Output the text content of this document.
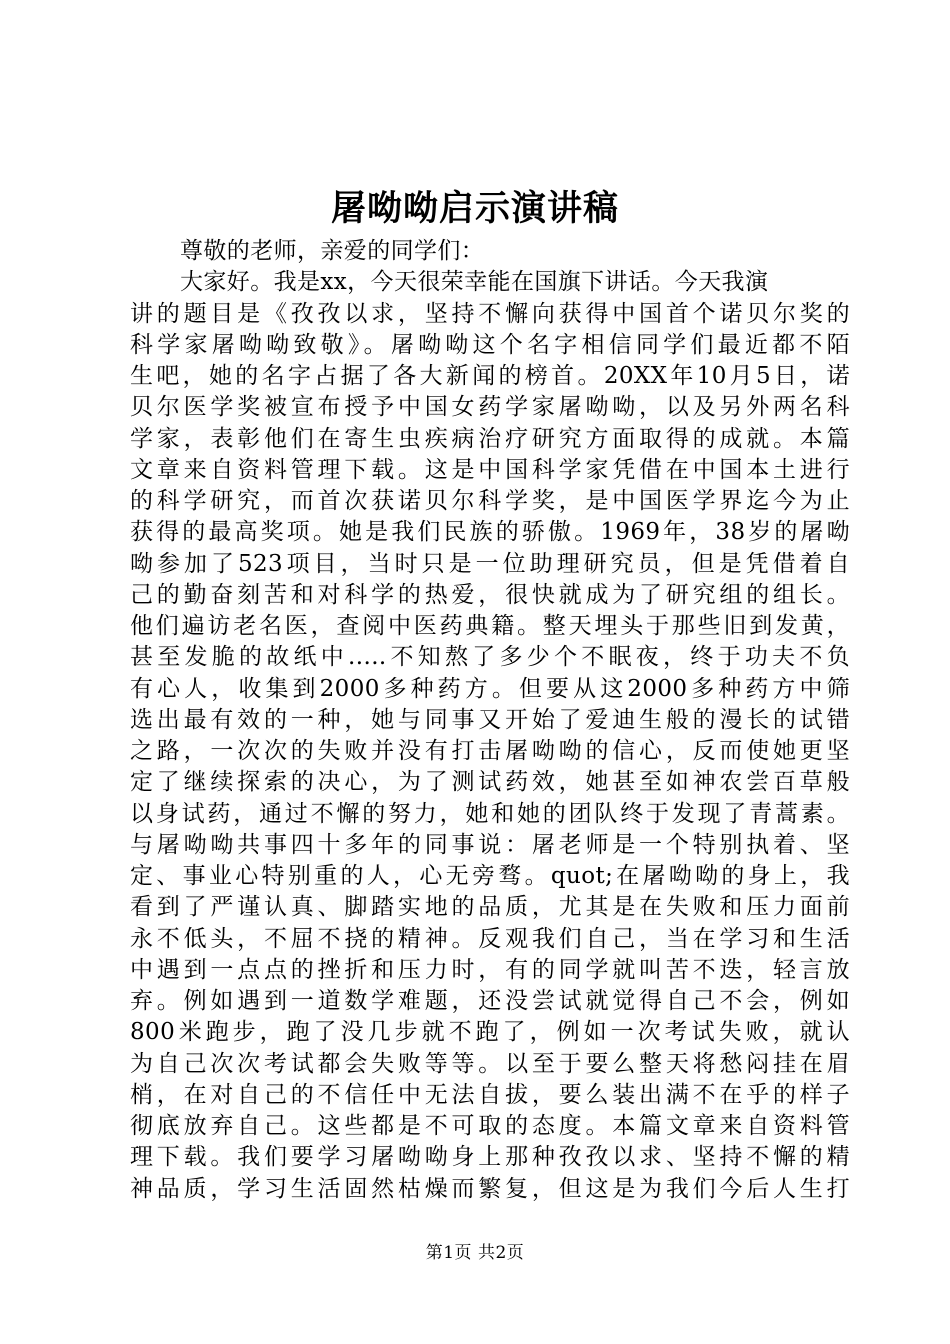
屠呦呦启示演讲稿
尊敬的老师，亲爱的同学们：
大家好。我是xx，今天很荣幸能在国旗下讲话。今天我演
讲的题目是《孜孜以求，坚持不懈向获得中国首个诺贝尔奖的
科学家屠呦呦致敬》。屠呦呦这个名字相信同学们最近都不陌
生吧，她的名字占据了各大新闻的榜首。20XX年10月5日，诺
贝尔医学奖被宣布授予中国女药学家屠呦呦，以及另外两名科
学家，表彰他们在寄生虫疾病治疗研究方面取得的成就。本篇
文章来自资料管理下载。这是中国科学家凭借在中国本土进行
的科学研究，而首次获诺贝尔科学奖，是中国医学界迄今为止
获得的最高奖项。她是我们民族的骄傲。1969年，38岁的屠呦
呦参加了523项目，当时只是一位助理研究员，但是凭借着自
己的勤奋刻苦和对科学的热爱，很快就成为了研究组的组长。
他们遍访老名医，查阅中医药典籍。整天埋头于那些旧到发黄，
甚至发脆的故纸中.....不知熬了多少个不眠夜，终于功夫不负
有心人，收集到2000多种药方。但要从这2000多种药方中筛
选出最有效的一种，她与同事又开始了爱迪生般的漫长的试错
之路，一次次的失败并没有打击屠呦呦的信心，反而使她更坚
定了继续探索的决心，为了测试药效，她甚至如神农尝百草般
以身试药，通过不懈的努力，她和她的团队终于发现了青蒿素。
与屠呦呦共事四十多年的同事说：屠老师是一个特别执着、坚
定、事业心特别重的人，心无旁骛。quot;在屠呦呦的身上，我
看到了严谨认真、脚踏实地的品质，尤其是在失败和压力面前
永不低头，不屈不挠的精神。反观我们自己，当在学习和生活
中遇到一点点的挫折和压力时，有的同学就叫苦不迭，轻言放
弃。例如遇到一道数学难题，还没尝试就觉得自己不会，例如
800米跑步，跑了没几步就不跑了，例如一次考试失败，就认
为自己次次考试都会失败等等。以至于要么整天将愁闷挂在眉
梢，在对自己的不信任中无法自拔，要么装出满不在乎的样子
彻底放弃自己。这些都是不可取的态度。本篇文章来自资料管
理下载。我们要学习屠呦呦身上那种孜孜以求、坚持不懈的精
神品质，学习生活固然枯燥而繁复，但这是为我们今后人生打
第1页 共2页
